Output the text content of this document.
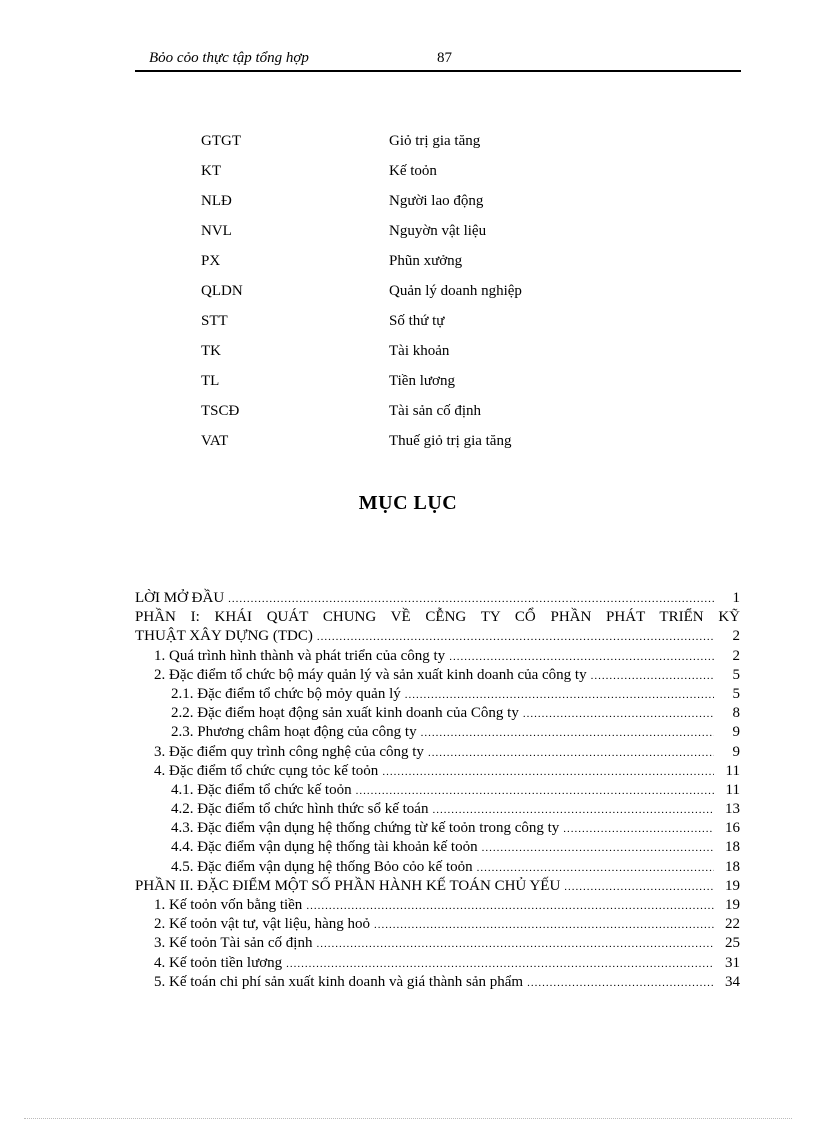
Bỏo cỏo thực tập tổng hợp	87
GTGT	Giỏ trị gia tăng
KT	Kế toỏn
NLĐ	Người lao động
NVL	Nguyờn vật liệu
PX	Phũn xưởng
QLDN	Quản lý doanh nghiệp
STT	Số thứ tự
TK	Tài khoản
TL	Tiền lương
TSCĐ	Tài sản cố định
VAT	Thuế giỏ trị gia tăng
MỤC LỤC
LỜI MỞ ĐẦU .....	1
PHẦN I: KHÁI QUÁT CHUNG VỀ CỄNG TY CỔ PHẦN PHÁT TRIỂN KỸ
THUẬT XÂY DỰNG (TDC) .....	2
1. Quá trình hình thành và phát triển của công ty .....	2
2. Đặc điểm tổ chức bộ máy quản lý và sản xuất kinh doanh của công ty .....	5
2.1. Đặc điểm tổ chức bộ mỏy quản lý .....	5
2.2. Đặc điểm hoạt động sản xuất kinh doanh của Công ty .....	8
2.3. Phương châm hoạt động của công ty .....	9
3. Đặc điểm quy trình công nghệ của công ty .....	9
4. Đặc điểm tổ chức cụng tỏc kế toỏn .....	11
4.1. Đặc điểm tổ chức kế toỏn .....	11
4.2. Đặc điểm tổ chức hình thức sổ kế toán .....	13
4.3. Đặc điểm vận dụng hệ thống chứng từ kế toỏn trong công ty .....	16
4.4. Đặc điểm vận dụng hệ thống tài khoản kế toỏn .....	18
4.5. Đặc điểm vận dụng hệ thống Bỏo cỏo kế toỏn .....	18
PHẦN II. ĐẶC ĐIỂM MỘT SỐ PHẦN HÀNH KẾ TOÁN CHỦ YẾU .....	19
1. Kế toỏn vốn bằng tiền .....	19
2. Kế toỏn vật tư, vật liệu, hàng hoỏ .....	22
3. Kế toỏn Tài sản cố định .....	25
4. Kế toỏn tiền lương .....	31
5. Kế toán chi phí sản xuất kinh doanh và giá thành sản phẩm .....	34
